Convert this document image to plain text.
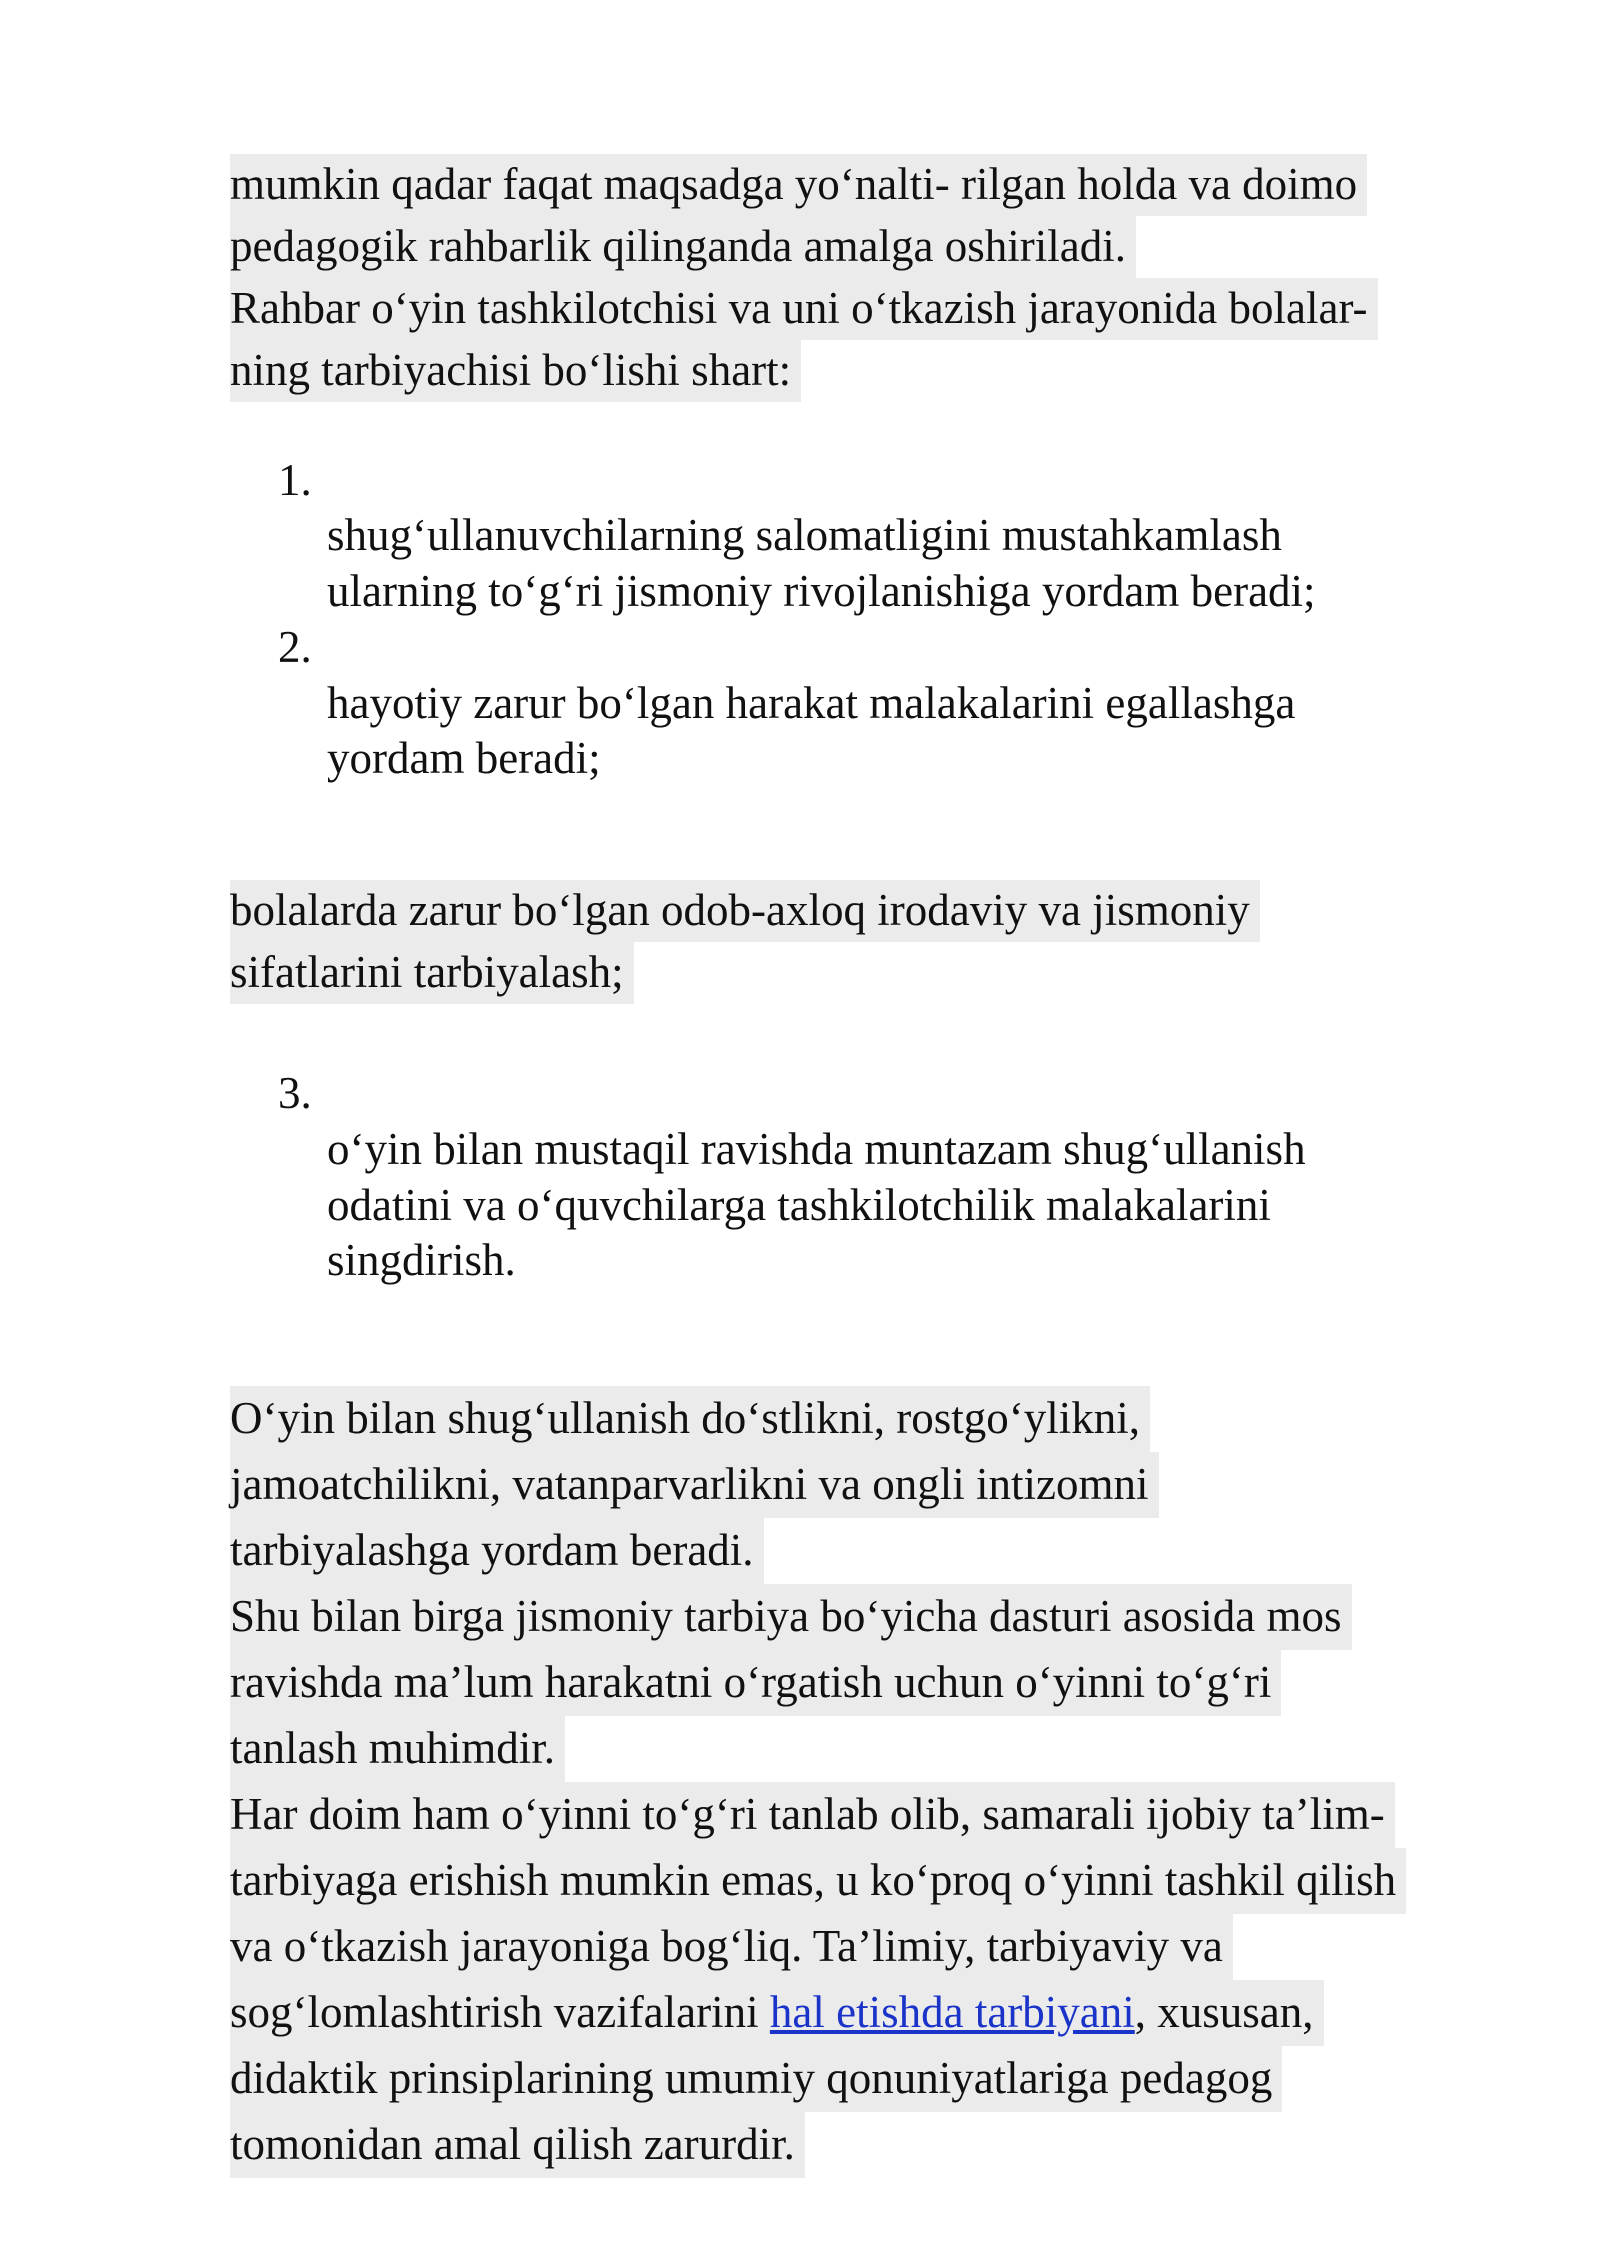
mumkin qadar faqat maqsadga yo‘nalti- rilgan holda va doimo
pedagogik rahbarlik qilinganda amalga oshiriladi.
Rahbar o‘yin tashkilotchisi va uni o‘tkazish jarayonida bolalar-
ning tarbiyachisi bo‘lishi shart:
1.
shug‘ullanuvchilarning salomatligini mustahkamlash
ularning to‘g‘ri jismoniy rivojlanishiga yordam beradi;
2.
hayotiy zarur bo‘lgan harakat malakalarini egallashga
yordam beradi;
bolalarda zarur bo‘lgan odob-axloq irodaviy va jismoniy
sifatlarini tarbiyalash;
3.
o‘yin bilan mustaqil ravishda muntazam shug‘ullanish
odatini va o‘quvchilarga tashkilotchilik malakalarini
singdirish.
O‘yin bilan shug‘ullanish do‘stlikni, rostgo‘ylikni,
jamoatchilikni, vatanparvarlikni va ongli intizomni
tarbiyalashga yordam beradi.
Shu bilan birga jismoniy tarbiya bo‘yicha dasturi asosida mos
ravishda ma’lum harakatni o‘rgatish uchun o‘yinni to‘g‘ri
tanlash muhimdir.
Har doim ham o‘yinni to‘g‘ri tanlab olib, samarali ijobiy ta’lim-
tarbiyaga erishish mumkin emas, u ko‘proq o‘yinni tashkil qilish
va o‘tkazish jarayoniga bog‘liq. Ta’limiy, tarbiyaviy va
sog‘lomlashtirish vazifalarini hal etishda tarbiyani, xususan,
didaktik prinsiplarining umumiy qonuniyatlariga pedagog
tomonidan amal qilish zarurdir.
